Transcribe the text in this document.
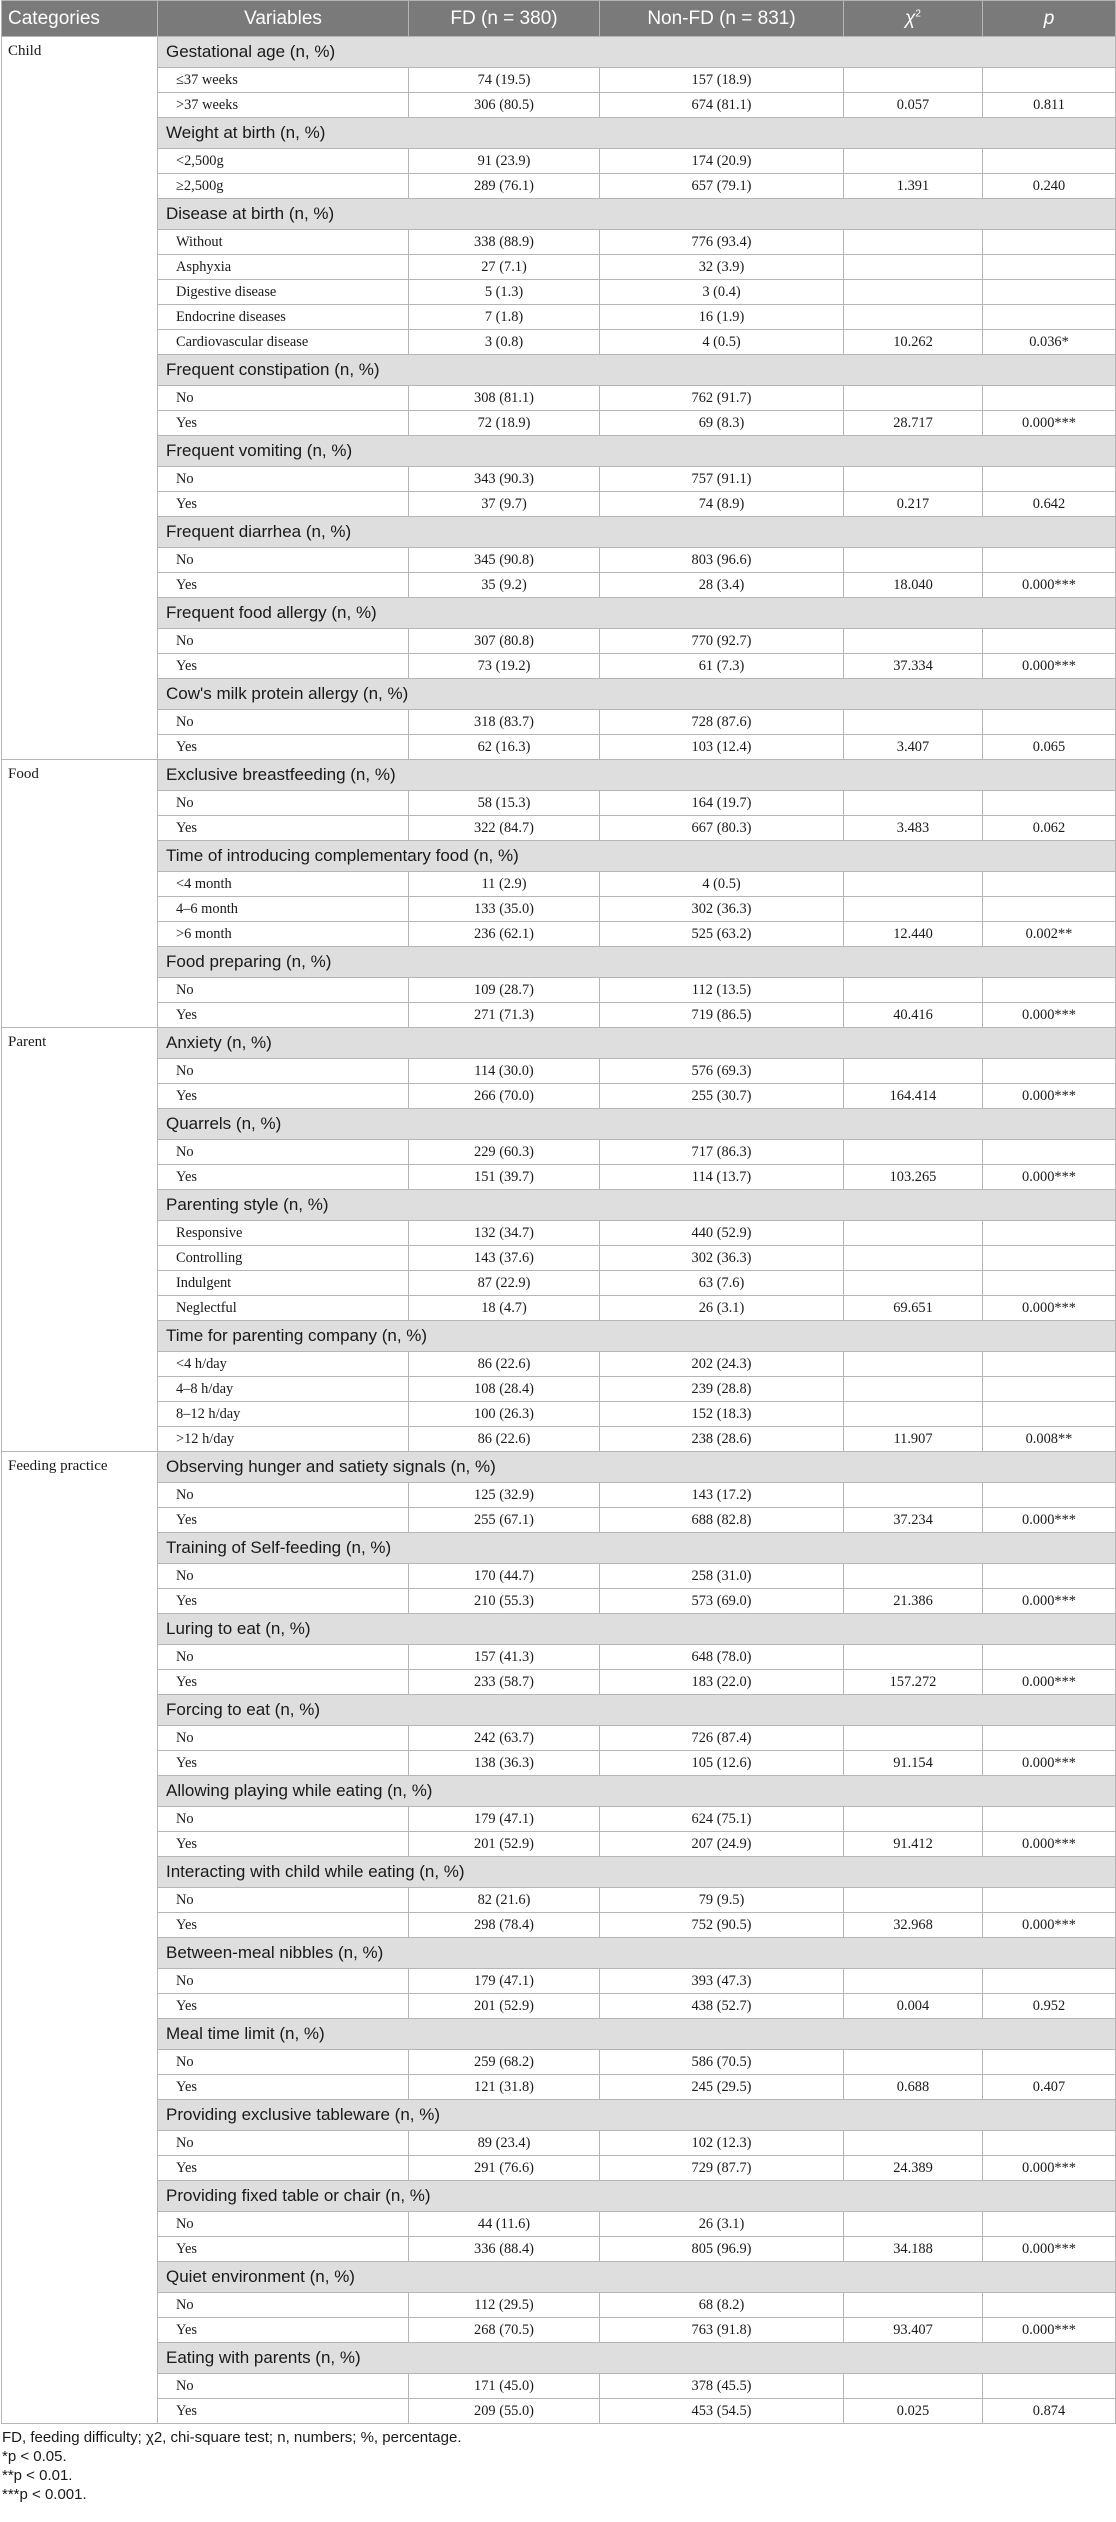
Categories	Variables	FD (n = 380)	Non-FD (n = 831)	$\chi^2$	p
Child	Gestational age (n, %)				
	≤37 weeks	74 (19.5)	157 (18.9)		
	>37 weeks	306 (80.5)	674 (81.1)	0.057	0.811
	Weight at birth (n, %)				
	<2,500g	91 (23.9)	174 (20.9)		
	≥2,500g	289 (76.1)	657 (79.1)	1.391	0.240
	Disease at birth (n, %)				
	Without	338 (88.9)	776 (93.4)		
	Asphyxia	27 (7.1)	32 (3.9)		
	Digestive disease	5 (1.3)	3 (0.4)		
	Endocrine diseases	7 (1.8)	16 (1.9)		
	Cardiovascular disease	3 (0.8)	4 (0.5)	10.262	0.036*
	Frequent constipation (n, %)				
	No	308 (81.1)	762 (91.7)		
	Yes	72 (18.9)	69 (8.3)	28.717	0.000***
	Frequent vomiting (n, %)				
	No	343 (90.3)	757 (91.1)		
	Yes	37 (9.7)	74 (8.9)	0.217	0.642
	Frequent diarrhea (n, %)				
	No	345 (90.8)	803 (96.6)		
	Yes	35 (9.2)	28 (3.4)	18.040	0.000***
	Frequent food allergy (n, %)				
	No	307 (80.8)	770 (92.7)		
	Yes	73 (19.2)	61 (7.3)	37.334	0.000***
	Cow's milk protein allergy (n, %)				
	No	318 (83.7)	728 (87.6)		
	Yes	62 (16.3)	103 (12.4)	3.407	0.065
Food	Exclusive breastfeeding (n, %)				
	No	58 (15.3)	164 (19.7)		
	Yes	322 (84.7)	667 (80.3)	3.483	0.062
	Time of introducing complementary food (n, %)				
	<4 month	11 (2.9)	4 (0.5)		
	4–6 month	133 (35.0)	302 (36.3)		
	>6 month	236 (62.1)	525 (63.2)	12.440	0.002**
	Food preparing (n, %)				
	No	109 (28.7)	112 (13.5)		
	Yes	271 (71.3)	719 (86.5)	40.416	0.000***
Parent	Anxiety (n, %)				
	No	114 (30.0)	576 (69.3)		
	Yes	266 (70.0)	255 (30.7)	164.414	0.000***
	Quarrels (n, %)				
	No	229 (60.3)	717 (86.3)		
	Yes	151 (39.7)	114 (13.7)	103.265	0.000***
	Parenting style (n, %)				
	Responsive	132 (34.7)	440 (52.9)		
	Controlling	143 (37.6)	302 (36.3)		
	Indulgent	87 (22.9)	63 (7.6)		
	Neglectful	18 (4.7)	26 (3.1)	69.651	0.000***
	Time for parenting company (n, %)				
	<4 h/day	86 (22.6)	202 (24.3)		
	4–8 h/day	108 (28.4)	239 (28.8)		
	8–12 h/day	100 (26.3)	152 (18.3)		
	>12 h/day	86 (22.6)	238 (28.6)	11.907	0.008**
Feeding practice	Observing hunger and satiety signals (n, %)				
	No	125 (32.9)	143 (17.2)		
	Yes	255 (67.1)	688 (82.8)	37.234	0.000***
	Training of Self-feeding (n, %)				
	No	170 (44.7)	258 (31.0)		
	Yes	210 (55.3)	573 (69.0)	21.386	0.000***
	Luring to eat (n, %)				
	No	157 (41.3)	648 (78.0)		
	Yes	233 (58.7)	183 (22.0)	157.272	0.000***
	Forcing to eat (n, %)				
	No	242 (63.7)	726 (87.4)		
	Yes	138 (36.3)	105 (12.6)	91.154	0.000***
	Allowing playing while eating (n, %)				
	No	179 (47.1)	624 (75.1)		
	Yes	201 (52.9)	207 (24.9)	91.412	0.000***
	Interacting with child while eating (n, %)				
	No	82 (21.6)	79 (9.5)		
	Yes	298 (78.4)	752 (90.5)	32.968	0.000***
	Between-meal nibbles (n, %)				
	No	179 (47.1)	393 (47.3)		
	Yes	201 (52.9)	438 (52.7)	0.004	0.952
	Meal time limit (n, %)				
	No	259 (68.2)	586 (70.5)		
	Yes	121 (31.8)	245 (29.5)	0.688	0.407
	Providing exclusive tableware (n, %)				
	No	89 (23.4)	102 (12.3)		
	Yes	291 (76.6)	729 (87.7)	24.389	0.000***
	Providing fixed table or chair (n, %)				
	No	44 (11.6)	26 (3.1)		
	Yes	336 (88.4)	805 (96.9)	34.188	0.000***
	Quiet environment (n, %)				
	No	112 (29.5)	68 (8.2)		
	Yes	268 (70.5)	763 (91.8)	93.407	0.000***
	Eating with parents (n, %)				
	No	171 (45.0)	378 (45.5)		
	Yes	209 (55.0)	453 (54.5)	0.025	0.874
FD, feeding difficulty; χ2, chi-square test; n, numbers; %, percentage.
*p < 0.05.
**p < 0.01.
***p < 0.001.
